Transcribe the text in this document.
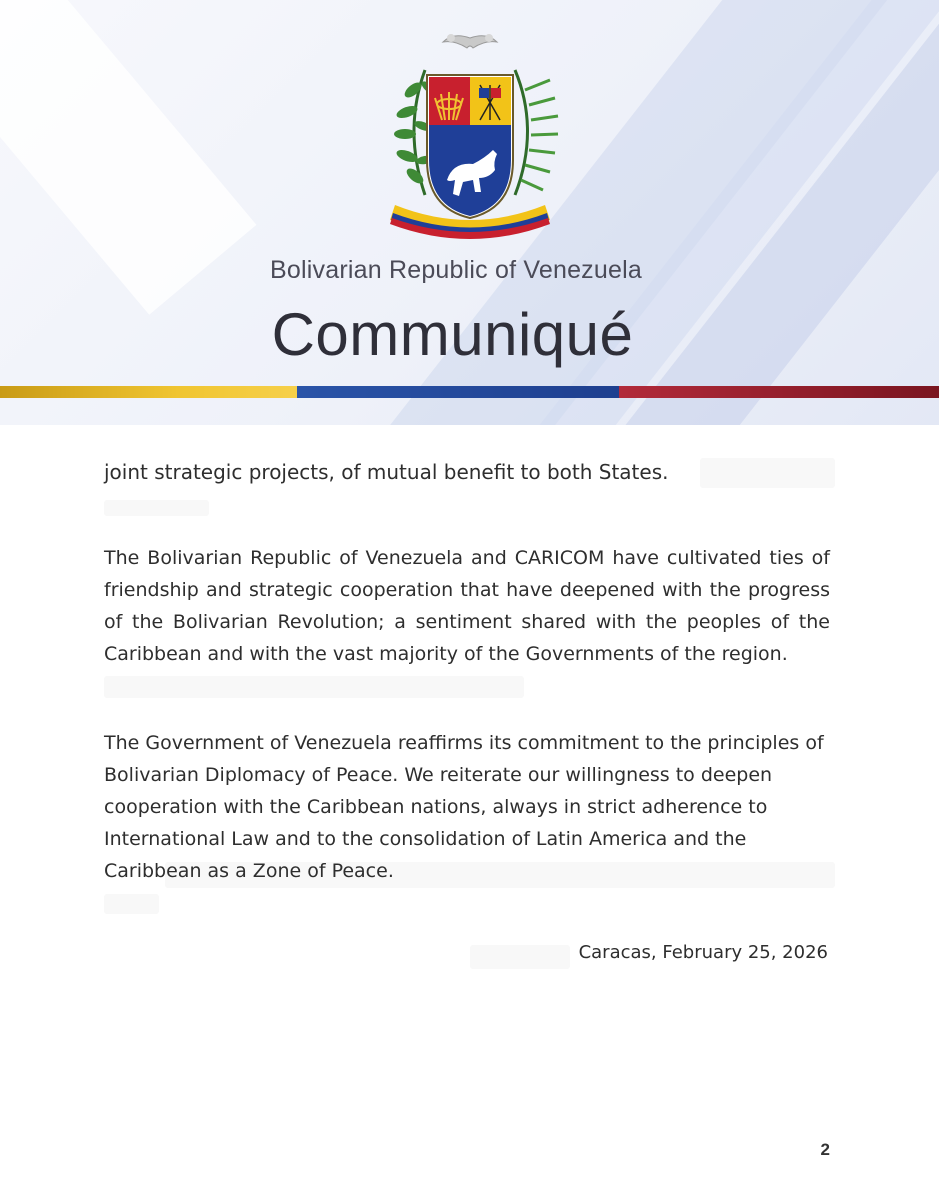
Bolivarian Republic of Venezuela
Communiqué
joint strategic projects, of mutual benefit to both States.
The Bolivarian Republic of Venezuela and CARICOM have cultivated ties of friendship and strategic cooperation that have deepened with the progress of the Bolivarian Revolution; a sentiment shared with the peoples of the Caribbean and with the vast majority of the Governments of the region.
The Government of Venezuela reaffirms its commitment to the principles of Bolivarian Diplomacy of Peace. We reiterate our willingness to deepen cooperation with the Caribbean nations, always in strict adherence to International Law and to the consolidation of Latin America and the Caribbean as a Zone of Peace.
Caracas, February 25, 2026
2
